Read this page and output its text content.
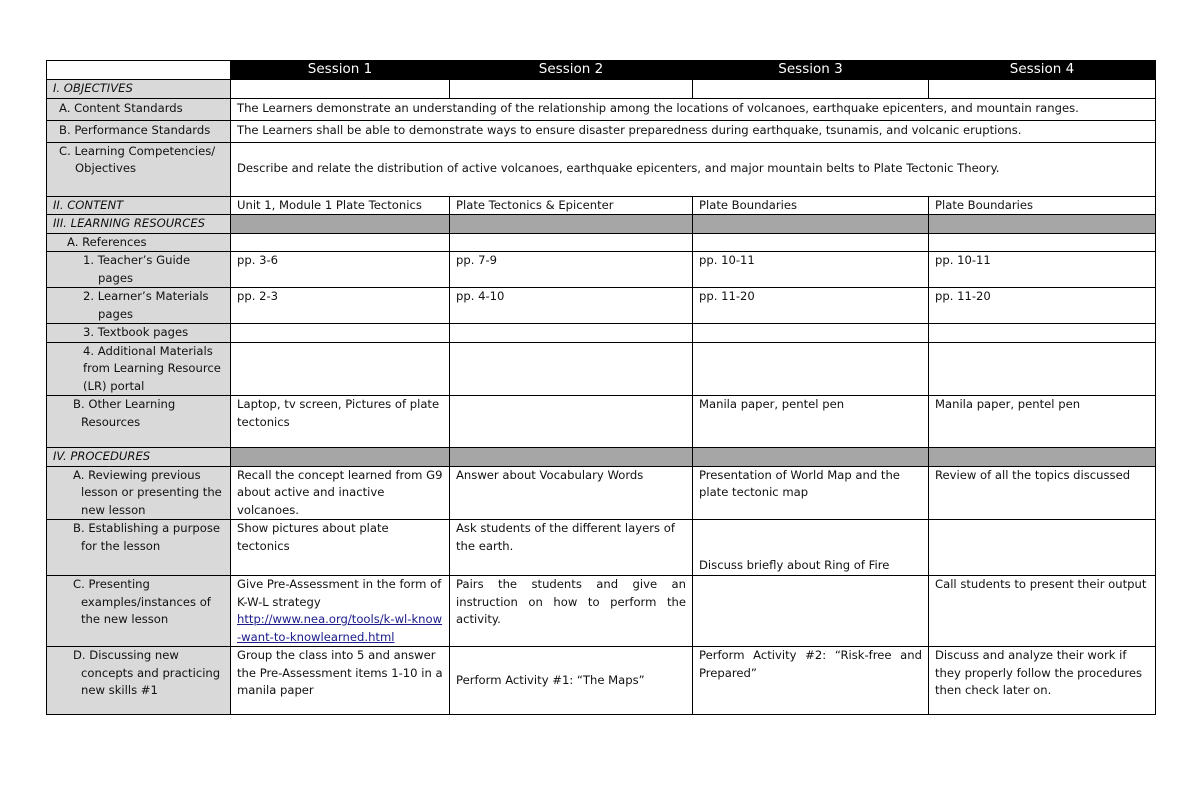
	Session 1	Session 2	Session 3	Session 4
I. OBJECTIVES				
A. Content Standards	The Learners demonstrate an understanding of the relationship among the locations of volcanoes, earthquake epicenters, and mountain ranges.			
B. Performance Standards	The Learners shall be able to demonstrate ways to ensure disaster preparedness during earthquake, tsunamis, and volcanic eruptions.			
C. Learning Competencies/
Objectives	Describe and relate the distribution of active volcanoes, earthquake epicenters, and major mountain belts to Plate Tectonic Theory.			
II. CONTENT	Unit 1, Module 1 Plate Tectonics	Plate Tectonics & Epicenter	Plate Boundaries	Plate Boundaries
III. LEARNING RESOURCES				
A. References				

1. Teacher’s Guide
pages	pp. 3-6	pp. 7-9	pp. 10-11	pp. 10-11

2. Learner’s Materials
pages	pp. 2-3	pp. 4-10	pp. 11-20	pp. 11-20

3. Textbook pages				

4. Additional Materials
from Learning Resource
(LR) portal				

B. Other Learning
Resources	Laptop, tv screen, Pictures of plate tectonics		Manila paper, pentel pen	Manila paper, pentel pen
IV. PROCEDURES				

A. Reviewing previous
lesson or presenting the
new lesson	Recall the concept learned from G9 about active and inactive volcanoes.	Answer about Vocabulary Words	Presentation of World Map and the plate tectonic map	Review of all the topics discussed

B. Establishing a purpose
for the lesson	Show pictures about plate tectonics	Ask students of the different layers of the earth.	Discuss briefly about Ring of Fire	

C. Presenting
examples/instances of
the new lesson	Give Pre-Assessment in the form of
K-W-L strategy
http://www.nea.org/tools/k-wl-know-want-to-knowlearned.html	Pairs the students and give an instruction on how to perform the activity.		Call students to present their output

D. Discussing new
concepts and practicing
new skills #1	Group the class into 5 and answer the Pre-Assessment items 1-10 in a manila paper	Perform Activity #1: “The Maps”	Perform Activity #2: “Risk-free and Prepared”	Discuss and analyze their work if they properly follow the procedures then check later on.
